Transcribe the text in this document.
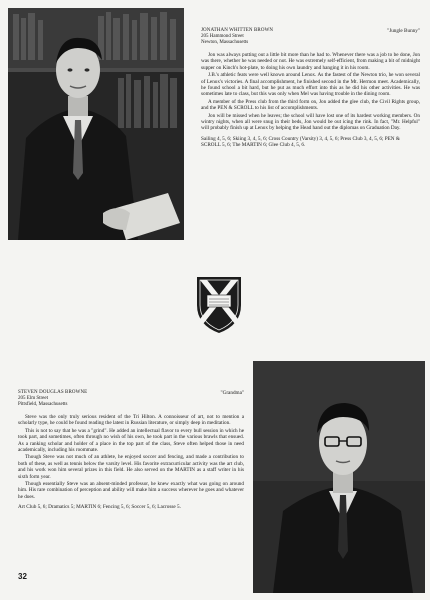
JONATHAN WHITTEN BROWN	"Jungle Bunny"
205 Hammond Street
Newton, Massachusetts

Jon was always putting out a little bit more than he had to. Whenever there was a job to be done, Jon was there, whether he was needed or not. He was extremely self-efficient, from making a bit of midnight supper on Kinch's hot-plate, to doing his own laundry and hanging it in his room.

J.B.'s athletic feats were well known around Lenox. As the fastest of the Newton trio, he won several of Lenox's victories. A final accomplishment, he finished second in the Mt. Hermon meet. Academically, he found school a bit hard, but he put as much effort into this as he did his other activities. He was sometimes late to class, but this was only when Mel was having trouble in the dining room.

A member of the Press club from the third form on, Jon added the glee club, the Civil Rights group, and the PEN & SCROLL to his list of accomplishments.

Jon will be missed when he leaves; the school will have lost one of its hardest working members. On wintry nights, when all were snug in their beds, Jon would be out icing the rink. In fact, "Mr. Helpful" will probably finish up at Lenox by helping the Head hand out the diplomas on Graduation Day.

Sailing 4, 5, 6; Skiing 3, 4, 5, 6; Cross Country (Varsity) 3, 4, 5, 6; Press Club 3, 4, 5, 6; PEN & SCROLL 5, 6; The MARTIN 6; Glee Club 4, 5, 6.
STEVEN DOUGLAS BROWNE	"Grandma"
205 Elm Street
Pittsfield, Massachusetts

Steve was the only truly serious resident of the Tri Hilton. A connoisseur of art, not to mention a scholarly type, he could be found reading the latest in Russian literature, or simply deep in meditation.

This is not to say that he was a "grind". He added an intellectual flavor to every bull session in which he took part, and sometimes, often through no wish of his own, he took part in the various brawls that ensued. As a ranking scholar and holder of a place in the top part of the class, Steve often helped those in need academically, including his roommate.

Though Steve was not much of an athlete, he enjoyed soccer and fencing, and made a contribution to both of these, as well as tennis below the varsity level. His favorite extracurricular activity was the art club, and his work won him several prizes in this field. He also served on the MARTIN as a staff writer in his sixth form year.

Though essentially Steve was an absent-minded professor, he knew exactly what was going on around him. His rare combination of perception and ability will make him a success wherever he goes and whatever he does.

Art Club 5, 6; Dramatics 5; MARTIN 6; Fencing 5, 6; Soccer 5, 6; Lacrosse 5.
32
